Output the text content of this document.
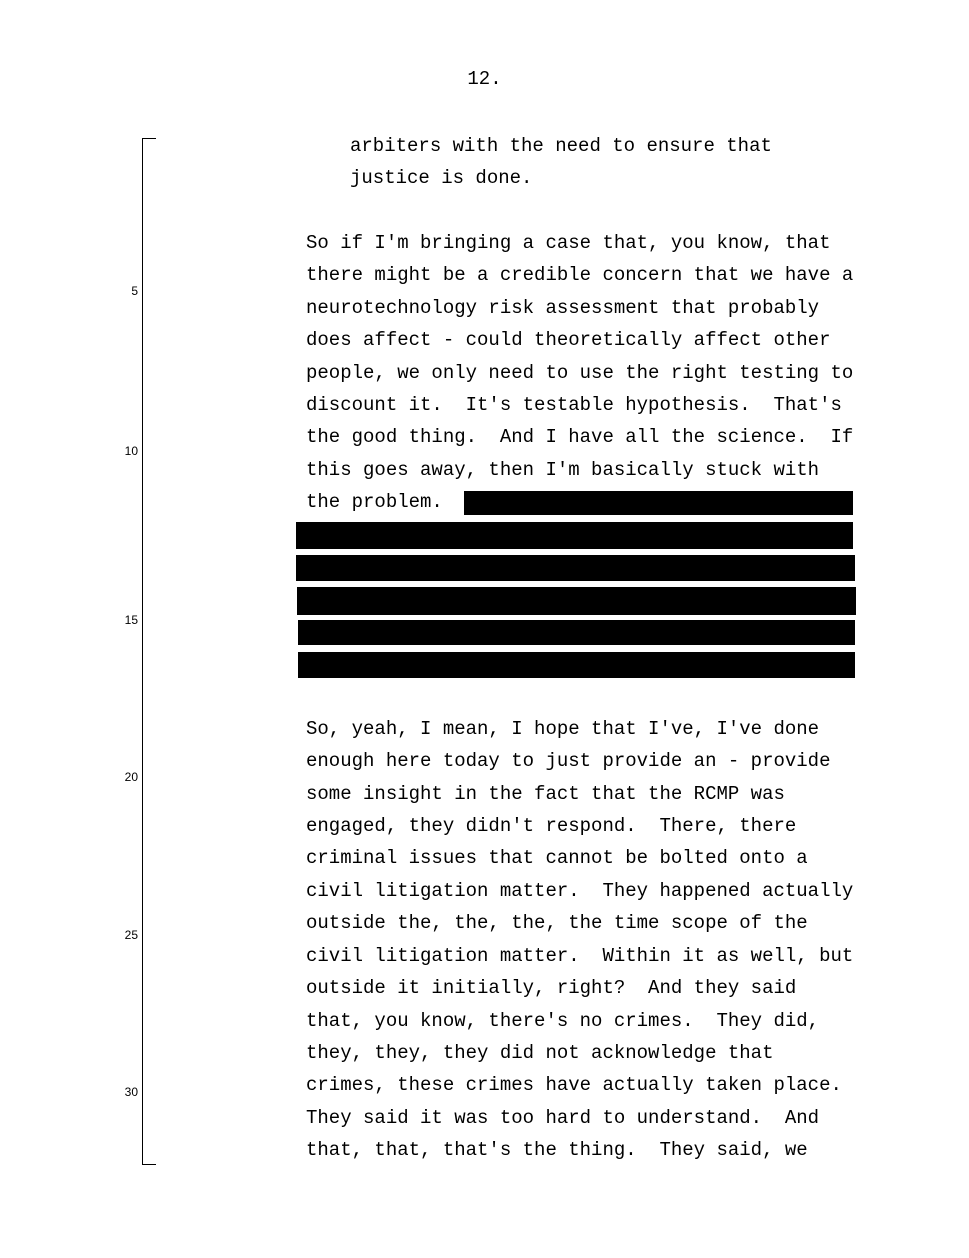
12.
5
10
15
20
25
30
arbiters with the need to ensure that
justice is done.
So if I'm bringing a case that, you know, that
there might be a credible concern that we have a
neurotechnology risk assessment that probably
does affect - could theoretically affect other
people, we only need to use the right testing to
discount it.  It's testable hypothesis.  That's
the good thing.  And I have all the science.  If
this goes away, then I'm basically stuck with
the problem.
So, yeah, I mean, I hope that I've, I've done
enough here today to just provide an - provide
some insight in the fact that the RCMP was
engaged, they didn't respond.  There, there
criminal issues that cannot be bolted onto a
civil litigation matter.  They happened actually
outside the, the, the, the time scope of the
civil litigation matter.  Within it as well, but
outside it initially, right?  And they said
that, you know, there's no crimes.  They did,
they, they, they did not acknowledge that
crimes, these crimes have actually taken place.
They said it was too hard to understand.  And
that, that, that's the thing.  They said, we
